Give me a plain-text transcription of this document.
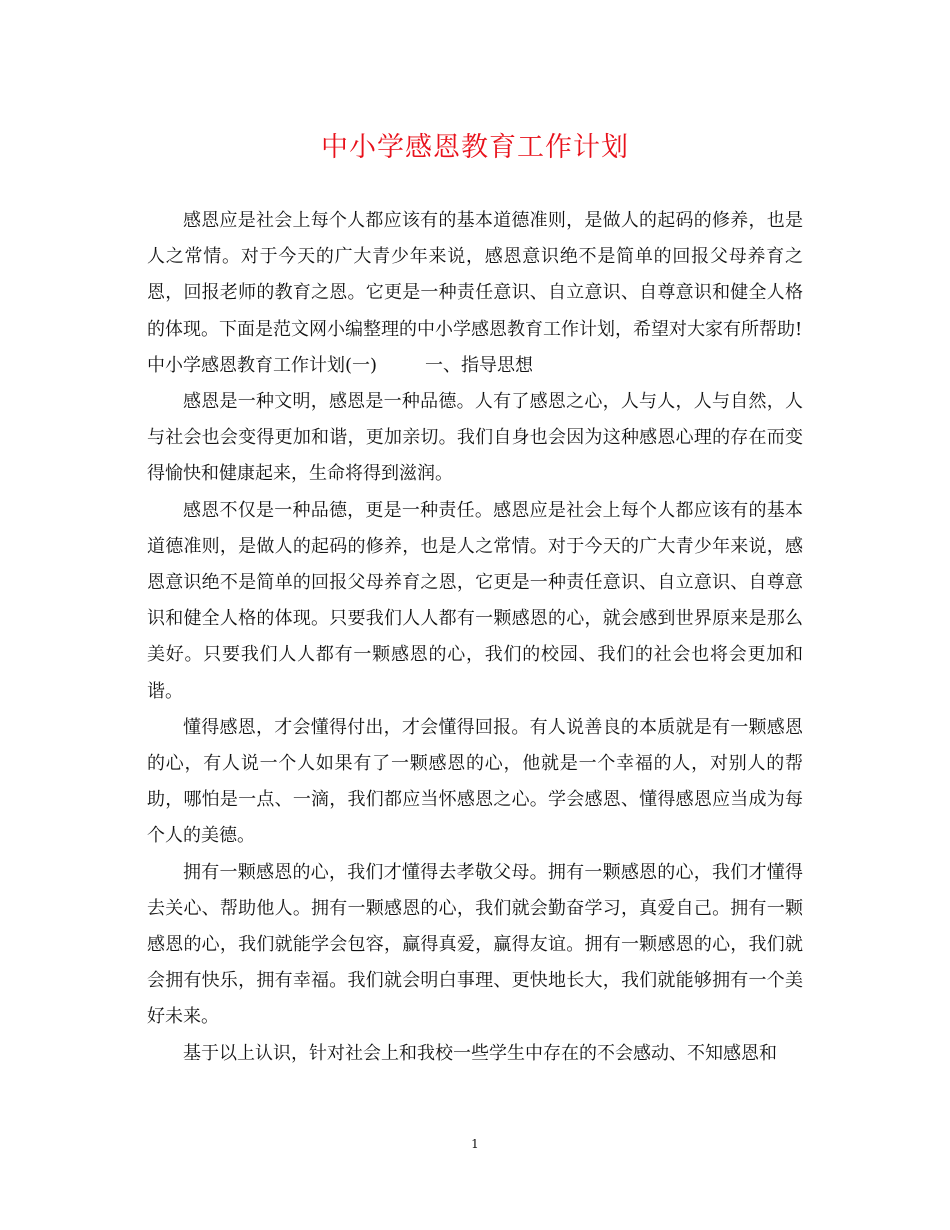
中小学感恩教育工作计划

感恩应是社会上每个人都应该有的基本道德准则，是做人的起码的修养，也是人之常情。对于今天的广大青少年来说，感恩意识绝不是简单的回报父母养育之恩，回报老师的教育之恩。它更是一种责任意识、自立意识、自尊意识和健全人格的体现。下面是范文网小编整理的中小学感恩教育工作计划，希望对大家有所帮助!

中小学感恩教育工作计划(一)	一、指导思想

感恩是一种文明，感恩是一种品德。人有了感恩之心，人与人，人与自然，人与社会也会变得更加和谐，更加亲切。我们自身也会因为这种感恩心理的存在而变得愉快和健康起来，生命将得到滋润。

感恩不仅是一种品德，更是一种责任。感恩应是社会上每个人都应该有的基本道德准则，是做人的起码的修养，也是人之常情。对于今天的广大青少年来说，感恩意识绝不是简单的回报父母养育之恩，它更是一种责任意识、自立意识、自尊意识和健全人格的体现。只要我们人人都有一颗感恩的心，就会感到世界原来是那么美好。只要我们人人都有一颗感恩的心，我们的校园、我们的社会也将会更加和谐。

懂得感恩，才会懂得付出，才会懂得回报。有人说善良的本质就是有一颗感恩的心，有人说一个人如果有了一颗感恩的心，他就是一个幸福的人，对别人的帮助，哪怕是一点、一滴，我们都应当怀感恩之心。学会感恩、懂得感恩应当成为每个人的美德。

拥有一颗感恩的心，我们才懂得去孝敬父母。拥有一颗感恩的心，我们才懂得去关心、帮助他人。拥有一颗感恩的心，我们就会勤奋学习，真爱自己。拥有一颗感恩的心，我们就能学会包容，赢得真爱，赢得友谊。拥有一颗感恩的心，我们就会拥有快乐，拥有幸福。我们就会明白事理、更快地长大，我们就能够拥有一个美好未来。

基于以上认识，针对社会上和我校一些学生中存在的不会感动、不知感恩和

1
